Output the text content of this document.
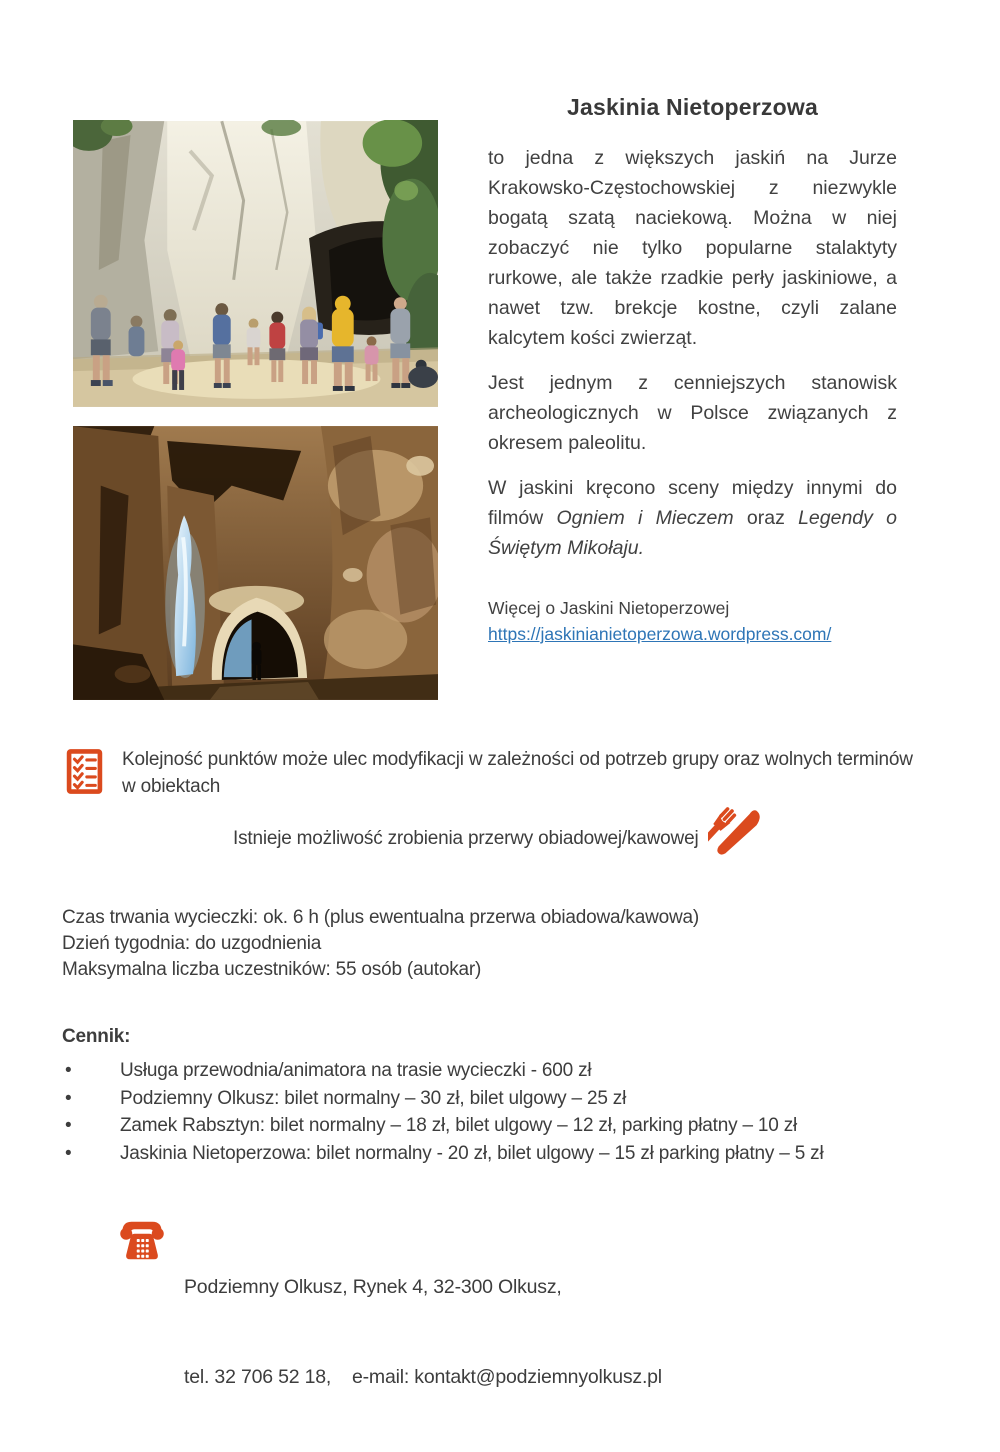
Jaskinia Nietoperzowa

to jedna z większych jaskiń na Jurze Krakowsko-Częstochowskiej z niezwykle bogatą szatą naciekową. Można w niej zobaczyć nie tylko popularne stalaktyty rurkowe, ale także rzadkie perły jaskiniowe, a nawet tzw. brekcje kostne, czyli zalane kalcytem kości zwierząt.

Jest jednym z cenniejszych stanowisk archeologicznych w Polsce związanych z okresem paleolitu.

W jaskini kręcono sceny między innymi do filmów Ogniem i Mieczem oraz Legendy o Świętym Mikołaju.

Więcej o Jaskini Nietoperzowej
https://jaskinianietoperzowa.wordpress.com/
Kolejność punktów może ulec modyfikacji w zależności od potrzeb grupy oraz wolnych terminów w obiektach
Istnieje możliwość zrobienia przerwy obiadowej/kawowej
Czas trwania wycieczki: ok. 6 h (plus ewentualna przerwa obiadowa/kawowa)
Dzień tygodnia: do uzgodnienia
Maksymalna liczba uczestników: 55 osób (autokar)
Cennik:
• Usługa przewodnia/animatora na trasie wycieczki - 600 zł
• Podziemny Olkusz: bilet normalny – 30 zł, bilet ulgowy – 25 zł
• Zamek Rabsztyn: bilet normalny – 18 zł, bilet ulgowy – 12 zł, parking płatny – 10 zł
• Jaskinia Nietoperzowa: bilet normalny - 20 zł, bilet ulgowy – 15 zł parking płatny – 5 zł

Podziemny Olkusz, Rynek 4, 32-300 Olkusz,

tel. 32 706 52 18,    e-mail: kontakt@podziemnyolkusz.pl
